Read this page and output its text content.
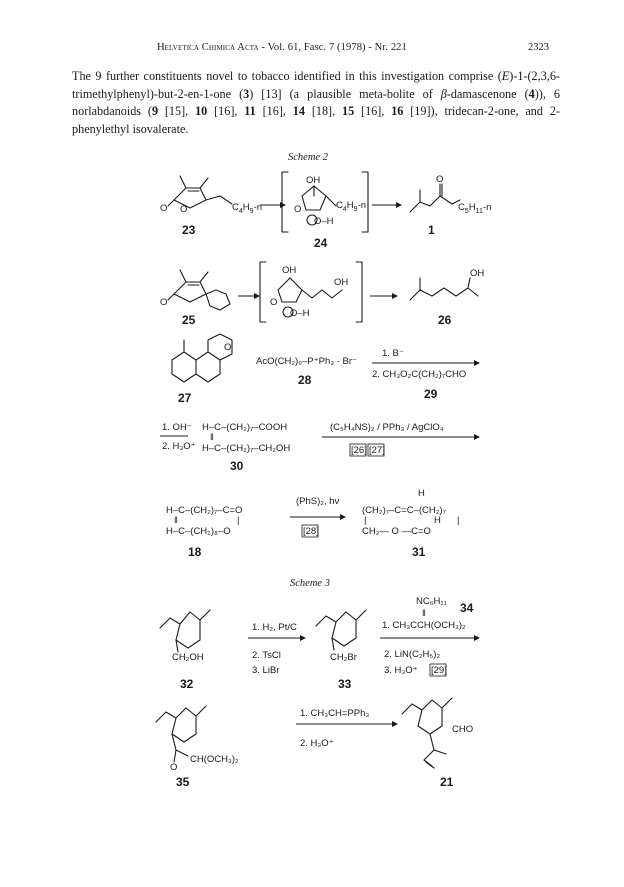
Helvetica Chimica Acta - Vol. 61, Fasc. 7 (1978) - Nr. 221	2323
The 9 further constituents novel to tobacco identified in this investigation comprise (E)-1-(2,3,6-trimethylphenyl)-but-2-en-1-one (3) [13] (a plausible meta-bolite of β-damascenone (4)), 6 norlabdanoids (9 [15], 10 [16], 11 [16], 14 [18], 15 [16], 16 [19]), tridecan-2-one, and 2-phenylethyl isovalerate.
Scheme 2
Scheme 3
O O	$C_4H_9-n$
23
OH
O
O–H
$C_4H_9-n$
24
O
$C_5H_{11}-n$
1
O
25
OH
OH
O
O–H
OH
26
O
27
AcO(CH₂)₉–P⁺Ph₃ · Br⁻
28
1. B⁻
2. CH₃O₂C(CH₂)₇CHO
29
1. OH⁻
2. H₃O⁺
H–C–(CH₂)₇–COOH
‖
H–C–(CH₂)₇–CH₂OH
30
(C₅H₄NS)₂ / PPh₃ / AgClO₄
[26] [27]
H–C–(CH₂)₇–C=O
‖	|
H–C–(CH₂)₈–O
18
(PhS)₂, hν
[28]
H
(CH₂)₇–C=C–(CH₂)₇
|	H |
CH₂— O —C=O
31
CH₂OH
32
1. H₂, Pt/C
2. TsCl
3. LiBr
CH₂Br
33
NC₆H₁₁ 34
‖
1. CH₃CCH(OCH₃)₂
2. LiN(C₂H₅)₂
3. H₃O⁺ [29]
O
CH(OCH₃)₂
35
1. CH₃CH=PPh₃
2. H₃O⁺
CHO
21
